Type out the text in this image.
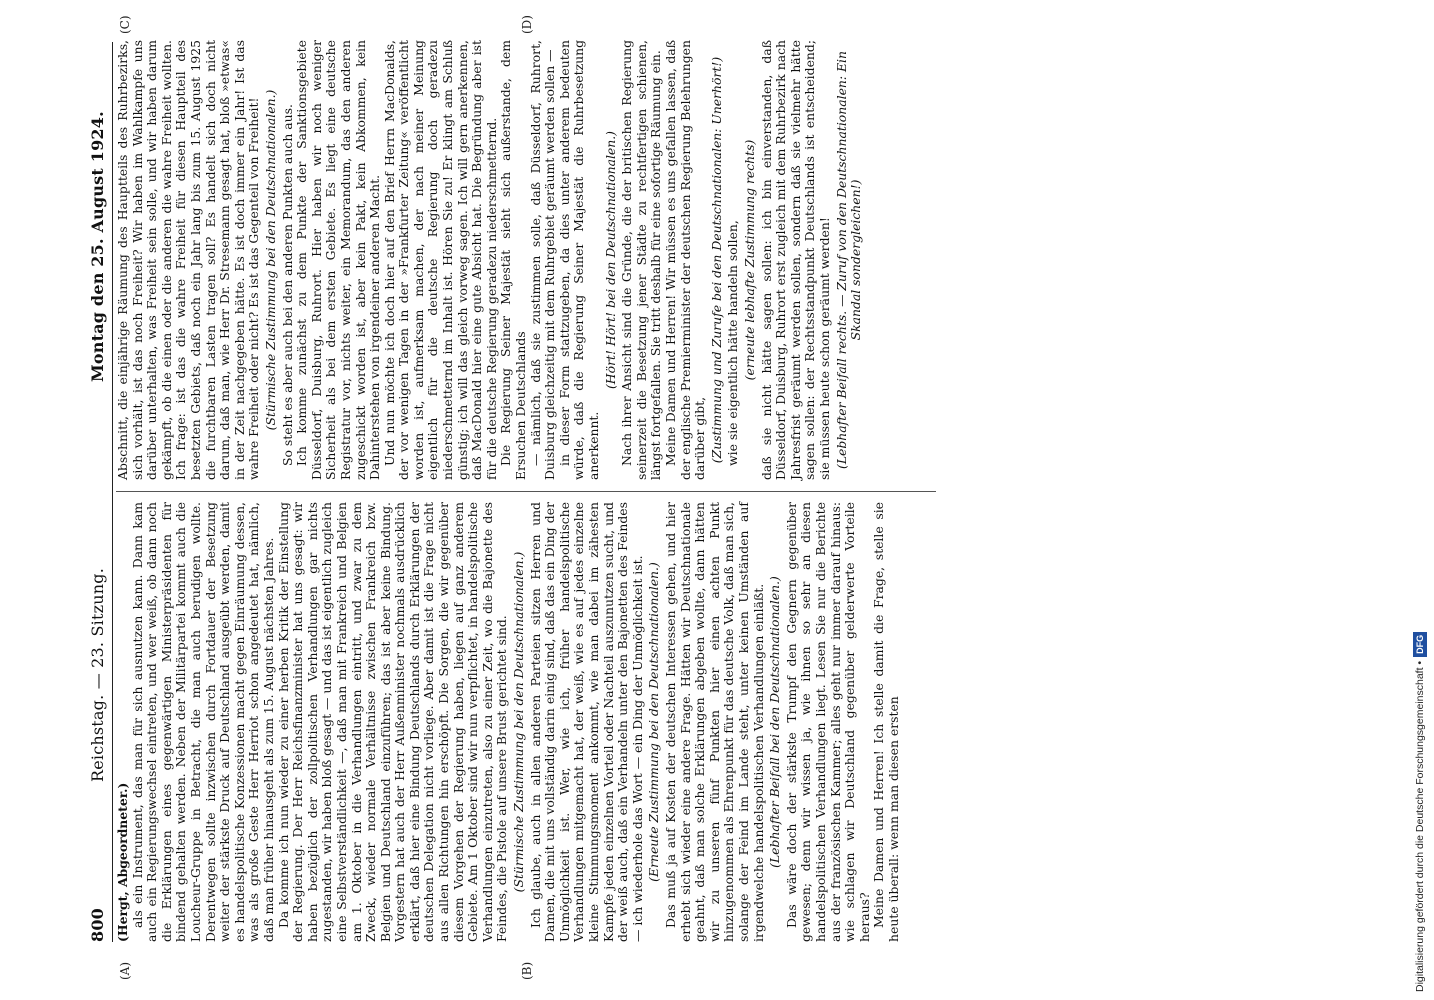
800
Reichstag. — 23. Sitzung.
Montag den 25. August 1924.
(A)	(B)
(C)	(D)

(Hergt, Abgeordneter.) als ein Instrument, das man für sich ausnutzen kann. Dann kam auch ein Regierungswechsel eintreten, und wer weiß, ob dann noch die Erklärungen eines gegenwärtigen Ministerpräsidenten für bindend gehalten werden. Neben der Militärpartei kommt auch die Loucheur-Gruppe in Betracht, die man auch berudigen wollte. Derentwegen sollte inzwischen durch Fortdauer der Besetzung weiter der stärkste Druck auf Deutschland ausgeübt werden, damit es handelspolitische Konzessionen macht gegen Einräumung dessen, was als große Geste Herr Herriot schon angedeutet hat, nämlich, daß man früher hinausgeht als zum 15. August nächsten Jahres. Da komme ich nun wieder zu einer herben Kritik der Einstellung der Regierung. Der Herr Reichsfinanzminister hat uns gesagt: wir haben bezüglich der zollpolitischen Verhandlungen gar nichts zugestanden, wir haben bloß gesagt — und das ist eigentlich zugleich eine Selbstverständlichkeit —, daß man mit Frankreich und Belgien am 1. Oktober in die Verhandlungen eintritt, und zwar zu dem Zweck, wieder normale Verhältnisse zwischen Frankreich bzw. Belgien und Deutschland einzuführen; das ist aber keine Bindung. Vorgestern hat auch der Herr Außenminister nochmals ausdrücklich erklärt, daß hier eine Bindung Deutschlands durch Erklärungen der deutschen Delegation nicht vorliege. Aber damit ist die Frage nicht aus allen Richtungen hin erschöpft. Die Sorgen, die wir gegenüber diesem Vorgehen der Regierung haben, liegen auf ganz anderem Gebiete. Am 1 Oktober sind wir nun verpflichtet, in handelspolitische Verhandlungen einzutreten, also zu einer Zeit, wo die Bajonette des Feindes, die Pistole auf unsere Brust gerichtet sind. (Stürmische Zustimmung bei den Deutschnationalen.) Ich glaube, auch in allen anderen Parteien sitzen Herren und Damen, die mit uns vollständig darin einig sind, daß das ein Ding der Unmöglichkeit ist. Wer, wie ich, früher handelspolitische Verhandlungen mitgemacht hat, der weiß, wie es auf jedes einzelne kleine Stimmungsmoment ankommt, wie man dabei im zähesten Kampfe jeden einzelnen Vorteil oder Nachteil auszunutzen sucht, und der weiß auch, daß ein Verhandeln unter den Bajonetten des Feindes — ich wiederhole das Wort — ein Ding der Unmöglichkeit ist. (Erneute Zustimmung bei den Deutschnationalen.) Das muß ja auf Kosten der deutschen Interessen gehen, und hier erhebt sich wieder eine andere Frage. Hätten wir Deutschnationale geahnt, daß man solche Erklärungen abgeben wollte, dann hätten wir zu unseren fünf Punkten hier einen achten Punkt hinzugenommen als Ehrenpunkt für das deutsche Volk, daß man sich, solange der Feind im Lande steht, unter keinen Umständen auf irgendwelche handelspolitischen Verhandlungen einläßt. (Lebhafter Beifall bei den Deutschnationalen.) Das wäre doch der stärkste Trumpf den Gegnern gegenüber gewesen; denn wir wissen ja, wie ihnen so sehr an diesen handelspolitischen Verhandlungen liegt. Lesen Sie nur die Berichte aus der französischen Kammer; alles geht nur immer darauf hinaus: wie schlagen wir Deutschland gegenüber gelderwerte Vorteile heraus? Meine Damen und Herren! Ich stelle damit die Frage, stelle sie heute überall: wenn man diesen ersten

Abschnitt, die einjährige Räumung des Hauptteils des Ruhrbezirks, sich vorhält, ist das noch Freiheit? Wir haben im Wahlkampfe uns darüber unterhalten, was Freiheit sein solle, und wir haben darum gekämpft, ob die einen oder die anderen die wahre Freiheit wollten. Ich frage: ist das die wahre Freiheit für diesen Hauptteil des besetzten Gebiets, daß noch ein Jahr lang bis zum 15. August 1925 die furchtbaren Lasten tragen soll? Es handelt sich doch nicht darum, daß man, wie Herr Dr. Stresemann gesagt hat, bloß »etwas« in der Zeit nachgegeben hätte. Es ist doch immer ein Jahr! Ist das wahre Freiheit oder nicht? Es ist das Gegenteil von Freiheit! (Stürmische Zustimmung bei den Deutschnationalen.) So steht es aber auch bei den anderen Punkten auch aus. Ich komme zunächst zu dem Punkte der Sanktionsgebiete Düsseldorf, Duisburg, Ruhrort. Hier haben wir noch weniger Sicherheit als bei dem ersten Gebiete. Es liegt eine deutsche Registratur vor, nichts weiter, ein Memorandum, das den anderen zugeschickt worden ist, aber kein Pakt, kein Abkommen, kein Dahinterstehen von irgendeiner anderen Macht. Und nun möchte ich doch hier auf den Brief Herrn MacDonalds, der vor wenigen Tagen in der »Frankfurter Zeitung« veröffentlicht worden ist, aufmerksam machen, der nach meiner Meinung eigentlich für die deutsche Regierung doch geradezu niederschmetternd im Inhalt ist. Hören Sie zu! Er klingt am Schluß günstig; ich will das gleich vorweg sagen. Ich will gern anerkennen, daß MacDonald hier eine gute Absicht hat. Die Begründung aber ist für die deutsche Regierung geradezu niederschmetternd. Die Regierung Seiner Majestät sieht sich außerstande, dem Ersuchen Deutschlands — nämlich, daß sie zustimmen solle, daß Düsseldorf, Ruhrort, Duisburg gleichzeitig mit dem Ruhrgebiet geräumt werden sollen — in dieser Form stattzugeben, da dies unter anderem bedeuten würde, daß die Regierung Seiner Majestät die Ruhrbesetzung anerkennt.

(Hört! Hört! bei den Deutschnationalen.) Nach ihrer Ansicht sind die Gründe, die der britischen Regierung seinerzeit die Besetzung jener Städte zu rechtfertigen schienen, längst fortgefallen. Sie tritt deshalb für eine sofortige Räumung ein. Meine Damen und Herren! Wir müssen es uns gefallen lassen, daß der englische Premierminister der deutschen Regierung Belehrungen darüber gibt, (Zustimmung und Zurufe bei den Deutschnationalen: Unerhört!) wie sie eigentlich hätte handeln sollen, (erneute lebhafte Zustimmung rechts) daß sie nicht hätte sagen sollen: ich bin einverstanden, daß Düsseldorf, Duisburg, Ruhrort erst zugleich mit dem Ruhrbezirk nach Jahresfrist geräumt werden sollen, sondern daß sie vielmehr hätte sagen sollen: der Rechtsstandpunkt Deutschlands ist entscheidend; sie müssen heute schon geräumt werden! (Lebhafter Beifall rechts. — Zuruf von den Deutschnationalen: Ein Skandal sondergleichen!)

Digitalisierung gefördert durch die Deutsche Forschungsgemeinschaft •
DFG
